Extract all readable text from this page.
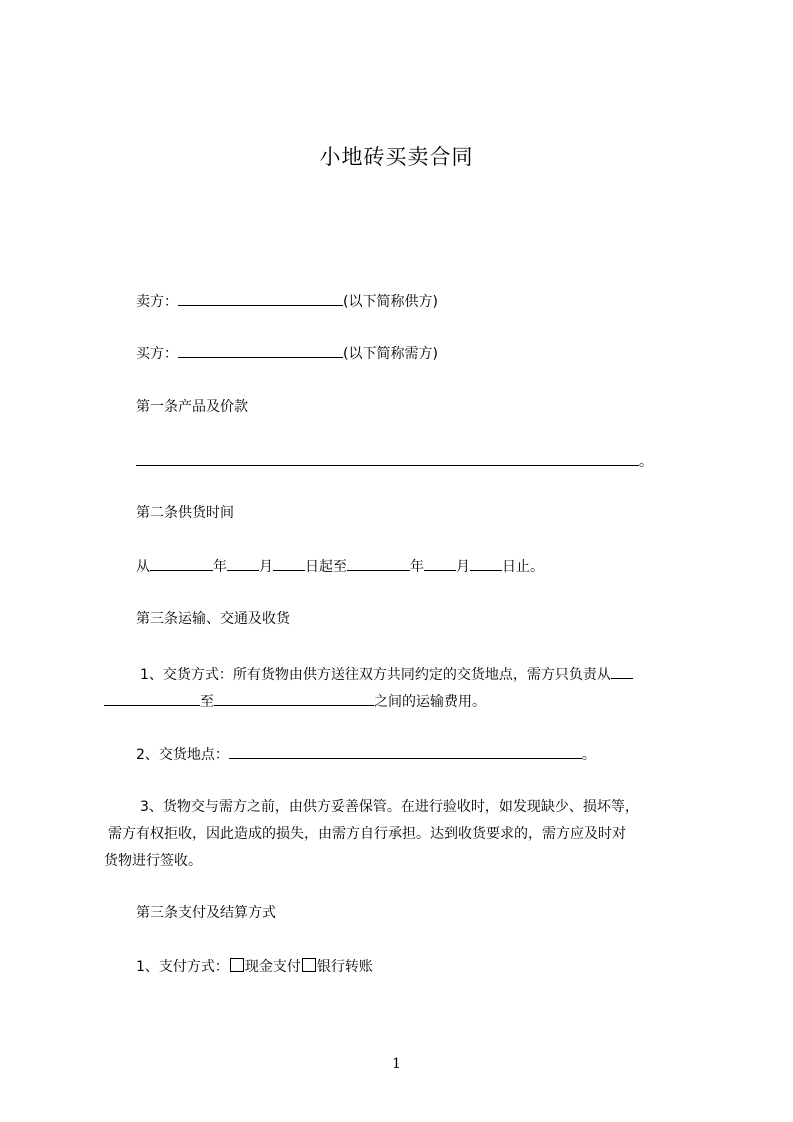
小地砖买卖合同
卖方：	(以下简称供方)
买方：	(以下简称需方)
第一条产品及价款
。
第二条供货时间
从	年 月 日起至	年 月 日止。
第三条运输、交通及收货
1、交货方式：所有货物由供方送往双方共同约定的交货地点，需方只负责从
至	之间的运输费用。
2、交货地点：	。
3、货物交与需方之前，由供方妥善保管。在进行验收时，如发现缺少、损坏等，
需方有权拒收，因此造成的损失，由需方自行承担。达到收货要求的，需方应及时对
货物进行签收。
第三条支付及结算方式
1、支付方式： 现金支付 银行转账
1
